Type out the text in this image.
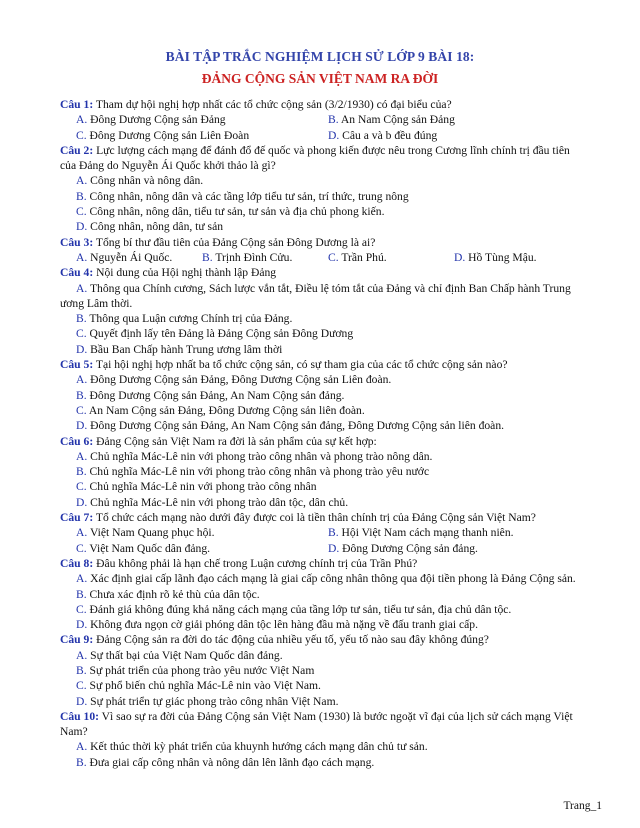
BÀI TẬP TRẮC NGHIỆM LỊCH SỬ LỚP 9 BÀI 18:
ĐẢNG CỘNG SẢN VIỆT NAM RA ĐỜI
Câu 1: Tham dự hội nghị hợp nhất các tổ chức cộng sản (3/2/1930) có đại biểu của?
A. Đông Dương Cộng sản Đảng	B. An Nam Cộng sản Đảng
C. Đông Dương Cộng sản Liên Đoàn	D. Câu a và b đều đúng
Câu 2: Lực lượng cách mạng để đánh đổ đế quốc và phong kiến được nêu trong Cương lĩnh chính trị đầu tiên của Đảng do Nguyễn Ái Quốc khởi thảo là gì?
A. Công nhân và nông dân.
B. Công nhân, nông dân và các tầng lớp tiểu tư sản, trí thức, trung nông
C. Công nhân, nông dân, tiểu tư sản, tư sản và địa chủ phong kiến.
D. Công nhân, nông dân, tư sản
Câu 3: Tổng bí thư đầu tiên của Đảng Cộng sản Đông Dương là ai?
A. Nguyễn Ái Quốc.	B. Trịnh Đình Cửu.	C. Trần Phú.	D. Hồ Tùng Mậu.
Câu 4: Nội dung của Hội nghị thành lập Đảng
A. Thông qua Chính cương, Sách lược vắn tắt, Điều lệ tóm tắt của Đảng và chỉ định Ban Chấp hành Trung ương Lâm thời.
B. Thông qua Luận cương Chính trị của Đảng.
C. Quyết định lấy tên Đảng là Đảng Cộng sản Đông Dương
D. Bầu Ban Chấp hành Trung ương lâm thời
Câu 5: Tại hội nghị hợp nhất ba tổ chức cộng sản, có sự tham gia của các tổ chức cộng sản nào?
A. Đông Dương Cộng sản Đảng, Đông Dương Cộng sản Liên đoàn.
B. Đông Dương Cộng sản Đảng, An Nam Cộng sản đảng.
C. An Nam Cộng sản Đảng, Đông Dương Cộng sản liên đoàn.
D. Đông Dương Cộng sản Đảng, An Nam Cộng sản đảng, Đông Dương Cộng sản liên đoàn.
Câu 6: Đảng Cộng sản Việt Nam ra đời là sản phẩm của sự kết hợp:
A. Chủ nghĩa Mác-Lê nin với phong trào công nhân và phong trào nông dân.
B. Chủ nghĩa Mác-Lê nin với phong trào công nhân và phong trào yêu nước
C. Chủ nghĩa Mác-Lê nin với phong trào công nhân
D. Chủ nghĩa Mác-Lê nin với phong trào dân tộc, dân chủ.
Câu 7: Tổ chức cách mạng nào dưới đây được coi là tiền thân chính trị của Đảng Cộng sản Việt Nam?
A. Việt Nam Quang phục hội.	B. Hội Việt Nam cách mạng thanh niên.
C. Việt Nam Quốc dân đảng.	D. Đông Dương Cộng sản đảng.
Câu 8: Đâu không phải là hạn chế trong Luận cương chính trị của Trần Phú?
A. Xác định giai cấp lãnh đạo cách mạng là giai cấp công nhân thông qua đội tiền phong là Đảng Cộng sản.
B. Chưa xác định rõ kẻ thù của dân tộc.
C. Đánh giá không đúng khả năng cách mạng của tầng lớp tư sản, tiểu tư sản, địa chủ dân tộc.
D. Không đưa ngọn cờ giải phóng dân tộc lên hàng đầu mà nặng về đấu tranh giai cấp.
Câu 9: Đảng Cộng sản ra đời do tác động của nhiều yếu tố, yếu tố nào sau đây không đúng?
A. Sự thất bại của Việt Nam Quốc dân đảng.
B. Sự phát triển của phong trào yêu nước Việt Nam
C. Sự phổ biến chủ nghĩa Mác-Lê nin vào Việt Nam.
D. Sự phát triển tự giác phong trào công nhân Việt Nam.
Câu 10: Vì sao sự ra đời của Đảng Cộng sản Việt Nam (1930) là bước ngoặt vĩ đại của lịch sử cách mạng Việt Nam?
A. Kết thúc thời kỳ phát triển của khuynh hướng cách mạng dân chủ tư sản.
B. Đưa giai cấp công nhân và nông dân lên lãnh đạo cách mạng.
Trang_1
